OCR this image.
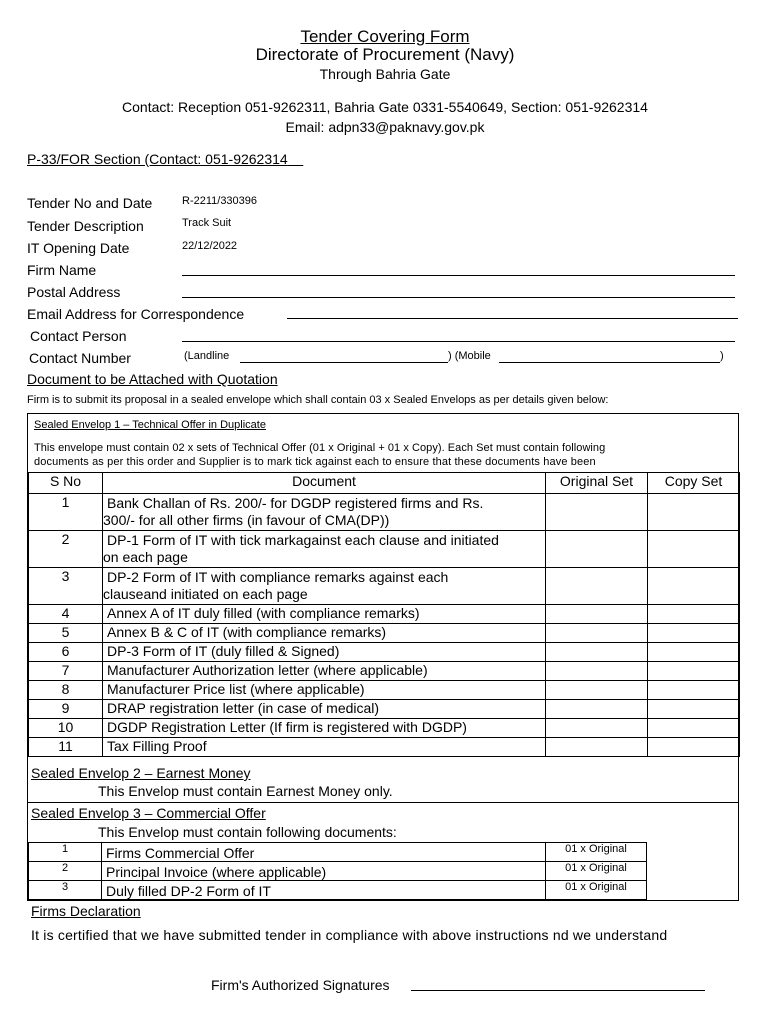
Tender Covering Form
Directorate of Procurement (Navy)
Through Bahria Gate
Contact: Reception 051-9262311, Bahria Gate 0331-5540649, Section: 051-9262314
Email: adpn33@paknavy.gov.pk
P-33/FOR Section (Contact: 051-9262314
Tender No and Date	R-2211/330396
Tender Description	Track Suit
IT Opening Date	22/12/2022
Firm Name
Postal Address
Email Address for Correspondence
Contact Person
Contact Number	(Landline	) (Mobile	)
Document to be Attached with Quotation
Firm is to submit its proposal in a sealed envelope which shall contain 03 x Sealed Envelops as per details given below:
Sealed Envelop 1 – Technical Offer in Duplicate
This envelope must contain 02 x sets of Technical Offer (01 x Original + 01 x Copy). Each Set must contain following
documents as per this order and Supplier is to mark tick against each to ensure that these documents have been
S No	Document	Original Set	Copy Set
1	Bank Challan of Rs. 200/- for DGDP registered firms and Rs.
300/- for all other firms (in favour of CMA(DP))		

2	DP-1 Form of IT with tick markagainst each clause and initiated
on each page		

3	DP-2 Form of IT with compliance remarks against each
clauseand initiated on each page		

4	Annex A of IT duly filled (with compliance remarks)		
5	Annex B & C of IT (with compliance remarks)		
6	DP-3 Form of IT (duly filled & Signed)		
7	Manufacturer Authorization letter (where applicable)		
8	Manufacturer Price list (where applicable)		
9	DRAP registration letter (in case of medical)		
10	DGDP Registration Letter (If firm is registered with DGDP)		
11	Tax Filling Proof		
Sealed Envelop 2 – Earnest Money
This Envelop must contain Earnest Money only.
Sealed Envelop 3 – Commercial Offer
This Envelop must contain following documents:
1	Firms Commercial Offer	01 x Original
2	Principal Invoice (where applicable)	01 x Original
3	Duly filled DP-2 Form of IT	01 x Original
Firms Declaration
It is certified that we have submitted tender in compliance with above instructions nd we understand
Firm's Authorized Signatures
